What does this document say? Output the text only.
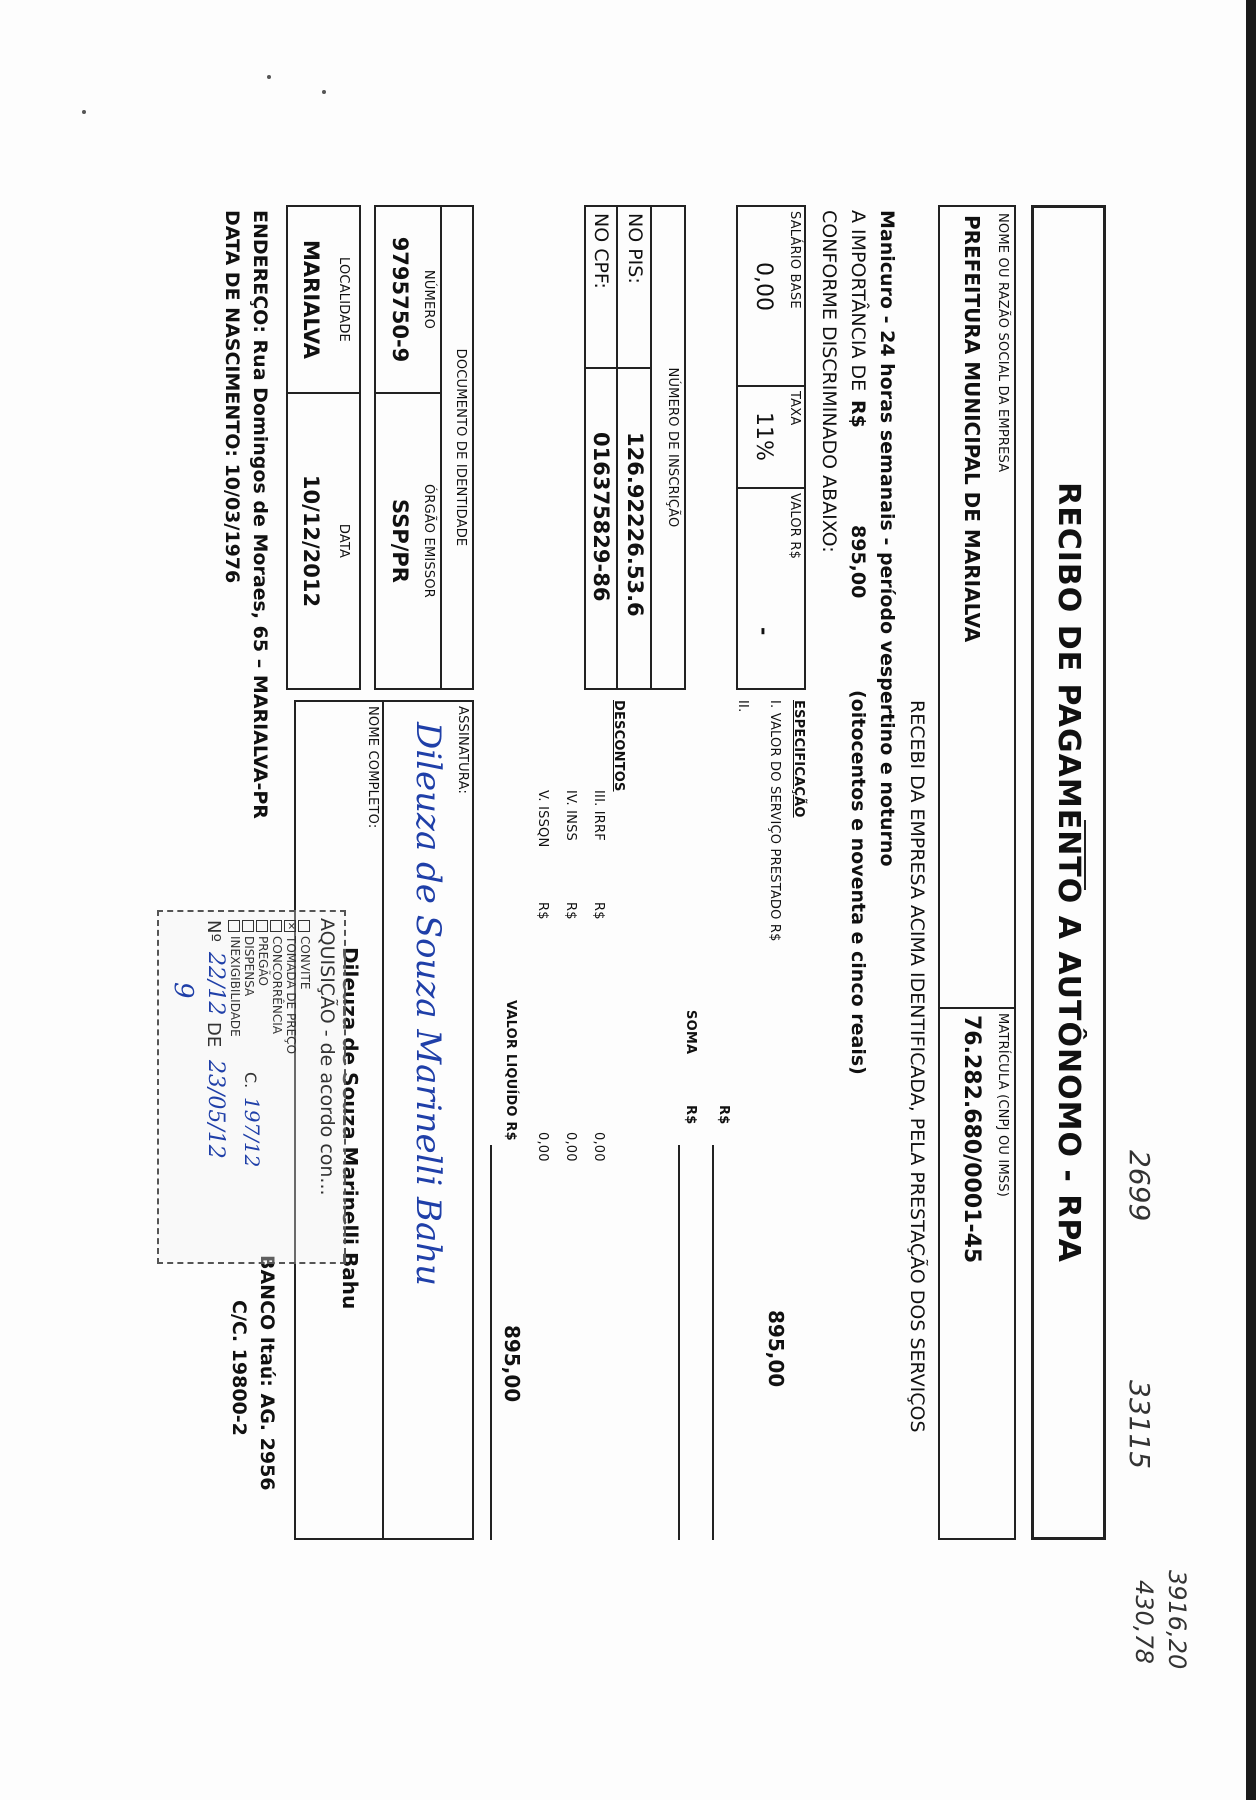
2699
33115
3916,20
430,78
RECIBO DE PAGAMENTO A AUTÔNOMO - RPA
NOME OU RAZÃO SOCIAL DA EMPRESA
PREFEITURA MUNICIPAL DE MARIALVA
MATRÍCULA (CNPJ OU IMSS)
76.282.680/0001-45
RECEBI DA EMPRESA ACIMA IDENTIFICADA, PELA PRESTAÇÃO DOS SERVIÇOS
Manicuro - 24 horas semanais - período vespertino e noturno
A IMPORTÂNCIA DE
R$
895,00
(oitocentos e noventa e cinco reais)
CONFORME DISCRIMINADO ABAIXO:
SALÁRIO BASE
0,00
TAXA
11%
VALOR R$
-
ESPECIFICAÇÃO
I. VALOR DO SERVIÇO PRESTADO R$
895,00
II.
R$
SOMA
R$
NÚMERO DE INSCRIÇÃO
NO PIS:
126.92226.53.6
NO CPF:
016375829-86
DESCONTOS
III. IRRF
R$
0,00
IV. INSS
R$
0,00
V. ISSQN
R$
0,00
VALOR LIQUÍDO R$
895,00
DOCUMENTO DE IDENTIDADE
NÚMERO
9795750-9
ÓRGÃO EMISSOR
SSP/PR
ASSINATURA:
Dileuza de Souza Marinelli Bahu
NOME COMPLETO:
Dileuza de Souza Marinelli Bahu
LOCALIDADE
MARIALVA
DATA
10/12/2012
ENDEREÇO: Rua Domingos de Moraes, 65 – MARIALVA-PR
DATA DE NASCIMENTO: 10/03/1976
BANCO Itaú: AG. 2956
C/C. 19800-2
AQUISIÇÃO - de acordo con...
CONVITE
✕TOMADA DE PREÇO
CONCORRÊNCIA
PREGÃO
DISPENSA
INEXIGIBILIDADE
C.
197/12
Nº
22/12
DE
23/05/12
9
